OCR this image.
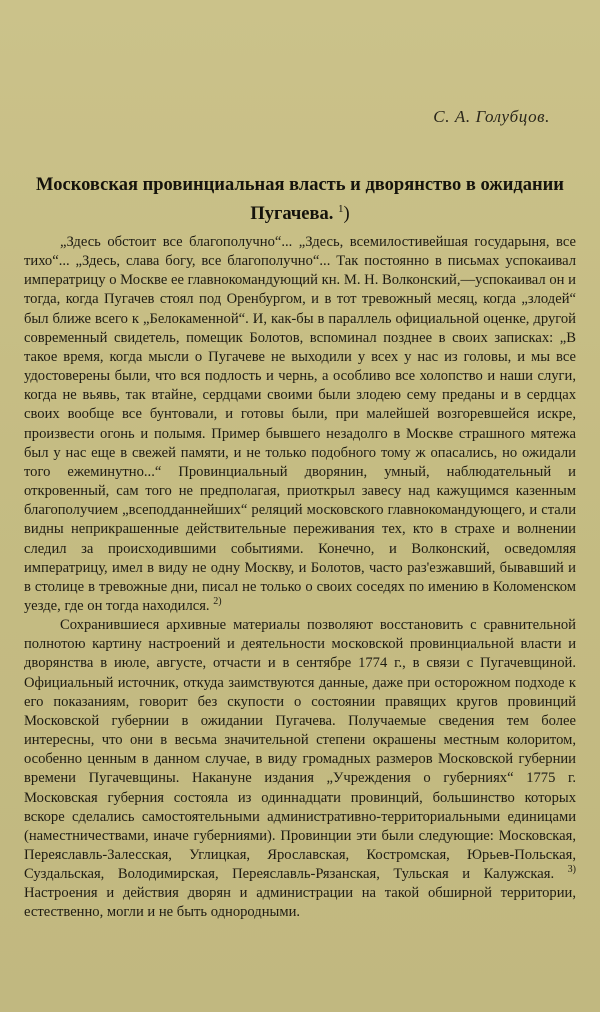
С. А. Голубцов.
Московская провинциальная власть и дворянство в ожидании Пугачева. $^1$)

„Здесь обстоит все благополучно“... „Здесь, всемилостивейшая государыня, все тихо“... „Здесь, слава богу, все благополучно“... Так постоянно в письмах успокаивал императрицу о Москве ее главнокомандующий кн. М. Н. Волконский,—успокаивал он и тогда, когда Пугачев стоял под Оренбургом, и в тот тревожный месяц, когда „злодей“ был ближе всего к „Белокаменной“. И, как-бы в параллель официальной оценке, другой современный свидетель, помещик Болотов, вспоминал позднее в своих записках: „В такое время, когда мысли о Пугачеве не выходили у всех у нас из головы, и мы все удостоверены были, что вся подлость и чернь, а особливо все холопство и наши слуги, когда не вьявь, так втайне, сердцами своими были злодею сему преданы и в сердцах своих вообще все бунтовали, и готовы были, при малейшей возгоревшейся искре, произвести огонь и полымя. Пример бывшего незадолго в Москве страшного мятежа был у нас еще в свежей памяти, и не только подобного тому ж опасались, но ожидали того ежеминутно...“ Провинциальный дворянин, умный, наблюдательный и откровенный, сам того не предполагая, приоткрыл завесу над кажущимся казенным благополучием „всеподданнейших“ реляций московского главнокомандующего, и стали видны неприкрашенные действительные переживания тех, кто в страхе и волнении следил за происходившими событиями. Конечно, и Волконский, осведомляя императрицу, имел в виду не одну Москву, и Болотов, часто раз'езжавший, бывавший и в столице в тревожные дни, писал не только о своих соседях по имению в Коломенском уезде, где он тогда находился. $^{2)}$

Сохранившиеся архивные материалы позволяют восстановить с сравнительной полнотою картину настроений и деятельности московской провинциальной власти и дворянства в июле, августе, отчасти и в сентябре 1774 г., в связи с Пугачевщиной. Официальный источник, откуда заимствуются данные, даже при осторожном подходе к его показаниям, говорит без скупости о состоянии правящих кругов провинций Московской губернии в ожидании Пугачева. Получаемые сведения тем более интересны, что они в весьма значительной степени окрашены местным колоритом, особенно ценным в данном случае, в виду громадных размеров Московской губернии времени Пугачевщины. Накануне издания „Учреждения о губерниях“ 1775 г. Московская губерния состояла из одиннадцати провинций, большинство которых вскоре сделались самостоятельными административно-территориальными единицами (наместничествами, иначе губерниями). Провинции эти были следующие: Московская, Переяславль-Залесская, Углицкая, Ярославская, Костромская, Юрьев-Польская, Суздальская, Володимирская, Переяславль-Рязанская, Тульская и Калужская. $^{3)}$ Настроения и действия дворян и администрации на такой обширной территории, естественно, могли и не быть однородными.
